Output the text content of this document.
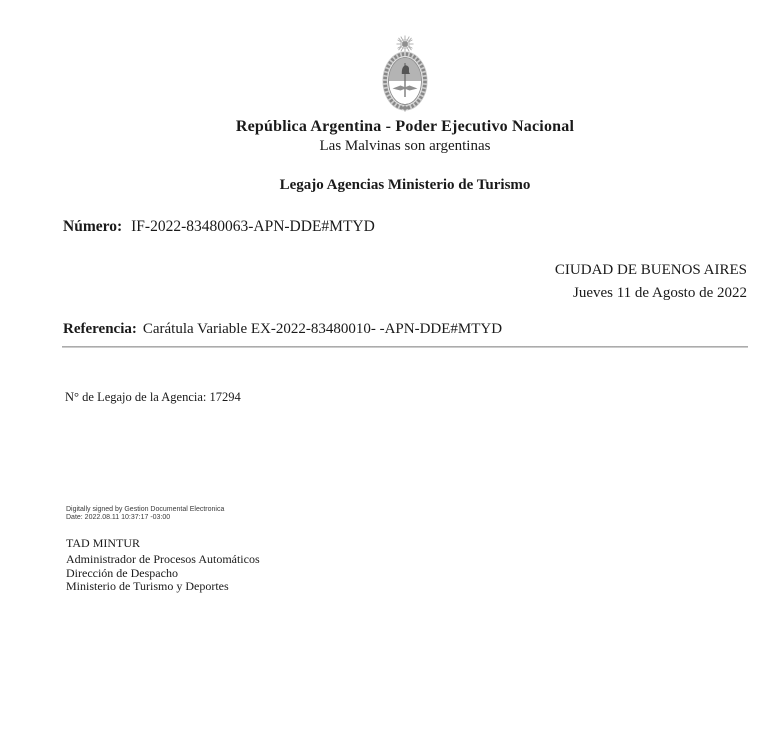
República Argentina - Poder Ejecutivo Nacional
Las Malvinas son argentinas
Legajo Agencias Ministerio de Turismo
Número: IF-2022-83480063-APN-DDE#MTYD
CIUDAD DE BUENOS AIRES
Jueves 11 de Agosto de 2022
Referencia: Carátula Variable EX-2022-83480010- -APN-DDE#MTYD
N° de Legajo de la Agencia: 17294
Digitally signed by Gestion Documental Electronica
Date: 2022.08.11 10:37:17 -03:00
TAD MINTUR
Administrador de Procesos Automáticos
Dirección de Despacho
Ministerio de Turismo y Deportes
